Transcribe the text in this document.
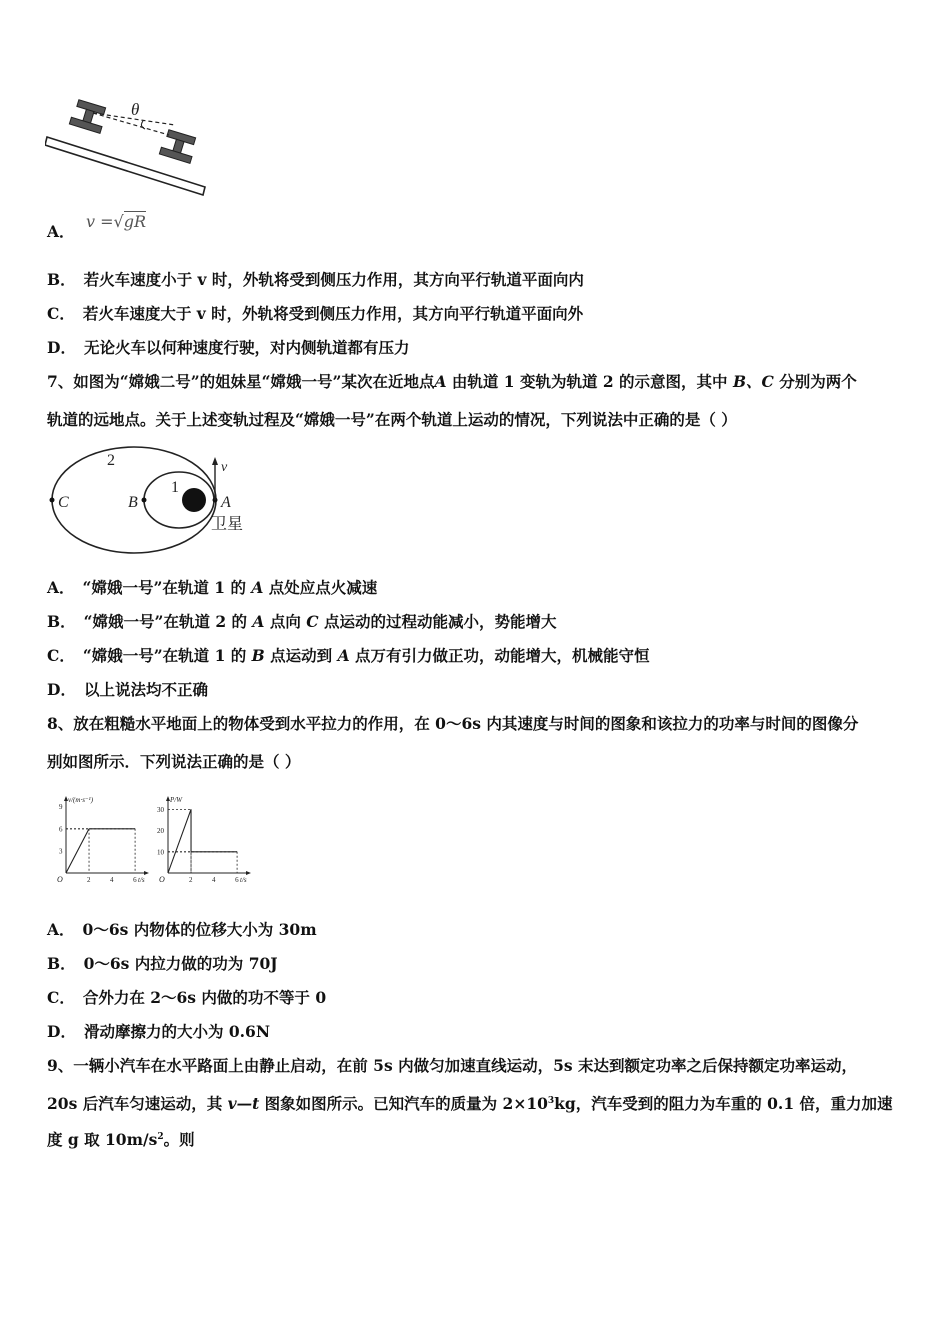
θ
A． v =√gR
B． 若火车速度小于 v 时，外轨将受到侧压力作用，其方向平行轨道平面向内
C． 若火车速度大于 v 时，外轨将受到侧压力作用，其方向平行轨道平面向外
D． 无论火车以何种速度行驶，对内侧轨道都有压力
7、如图为“嫦娥二号”的姐妹星“嫦娥一号”某次在近地点A 由轨道 1 变轨为轨道 2 的示意图，其中 B、C 分别为两个
轨道的远地点。关于上述变轨过程及“嫦娥一号”在两个轨道上运动的情况，下列说法中正确的是（ ）
2
1
C	B	A
v
卫星
A． “嫦娥一号”在轨道 1 的 A 点处应点火减速
B． “嫦娥一号”在轨道 2 的 A 点向 C 点运动的过程动能减小，势能增大
C． “嫦娥一号”在轨道 1 的 B 点运动到 A 点万有引力做正功，动能增大，机械能守恒
D． 以上说法均不正确
8、放在粗糙水平地面上的物体受到水平拉力的作用，在 0～6s 内其速度与时间的图象和该拉力的功率与时间的图像分
别如图所示．下列说法正确的是（ ）
v/(m·s⁻¹)
t/s
O	2	4	6
3
6
9
P/W
t/s
O	2	4	6
10
20
30
A． 0～6s 内物体的位移大小为 30m
B． 0～6s 内拉力做的功为 70J
C． 合外力在 2～6s 内做的功不等于 0
D． 滑动摩擦力的大小为 0.6N
9、一辆小汽车在水平路面上由静止启动，在前 5s 内做匀加速直线运动，5s 末达到额定功率之后保持额定功率运动，
20s 后汽车匀速运动，其 v—t 图象如图所示。已知汽车的质量为 $2\times 10^3kg$，汽车受到的阻力为车重的 0.1 倍，重力加速
度 g 取 $10m/s^2$。则
